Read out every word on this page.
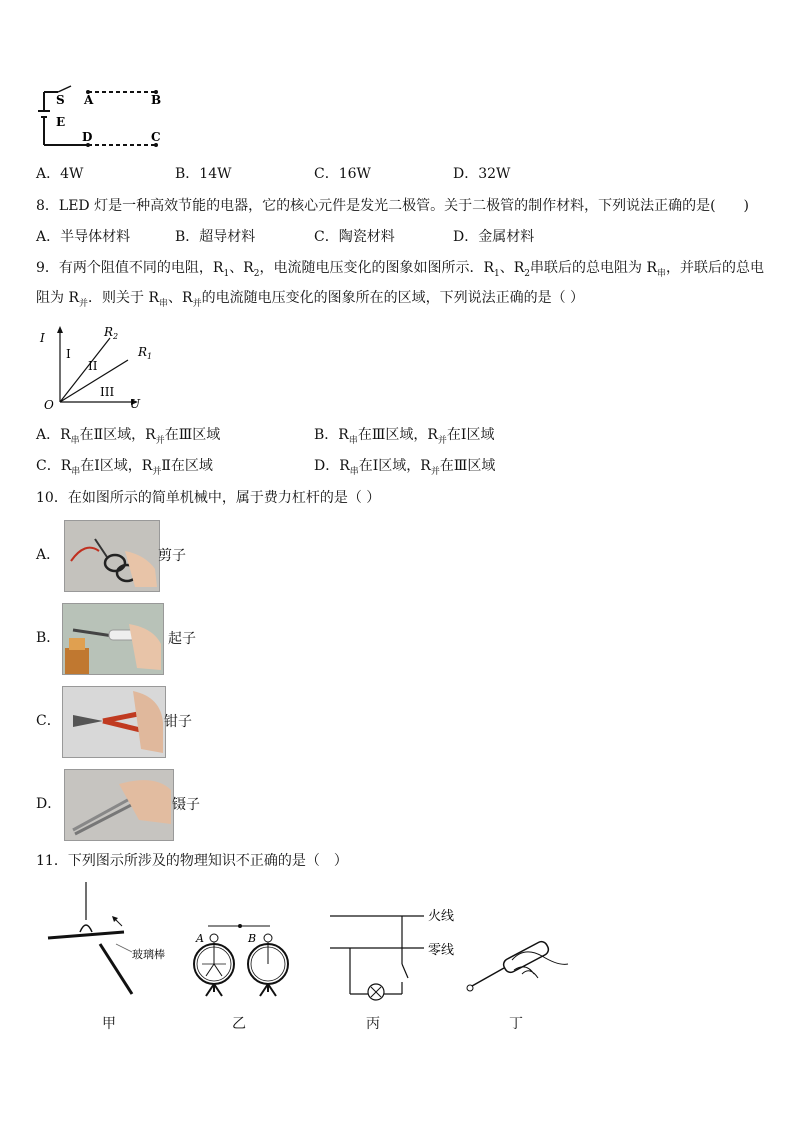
S A	B
E
D	C
A．4W	B．14W	C．16W	D．32W
8．LED 灯是一种高效节能的电器，它的核心元件是发光二极管。关于二极管的制作材料，下列说法正确的是(　　)
A．半导体材料	B．超导材料	C．陶瓷材料	D．金属材料
9．有两个阻值不同的电阻，$R_1$、$R_2$，电流随电压变化的图象如图所示．$R_1$、$R_2$串联后的总电阻为 $R_串$，并联后的总电
阻为 $R_并$．则关于 $R_串$、$R_并$的电流随电压变化的图象所在的区域，下列说法正确的是（ ）
I
U
O
$R_2$
$R_1$
I
II
III
A．$R_串$在Ⅱ区域，$R_并$在Ⅲ区域	B．$R_串$在Ⅲ区域，$R_并$在Ⅰ区域
C．$R_串$在Ⅰ区域，$R_并Ⅱ$在区域	D．$R_串$在Ⅰ区域，$R_并$在Ⅲ区域
10．在如图所示的简单机械中，属于费力杠杆的是（ ）
A．	剪子
B．	起子
C．	钳子
D．	镊子
11．下列图示所涉及的物理知识不正确的是（　）
玻璃棒
A	B
火线
零线
甲	乙	丙	丁
